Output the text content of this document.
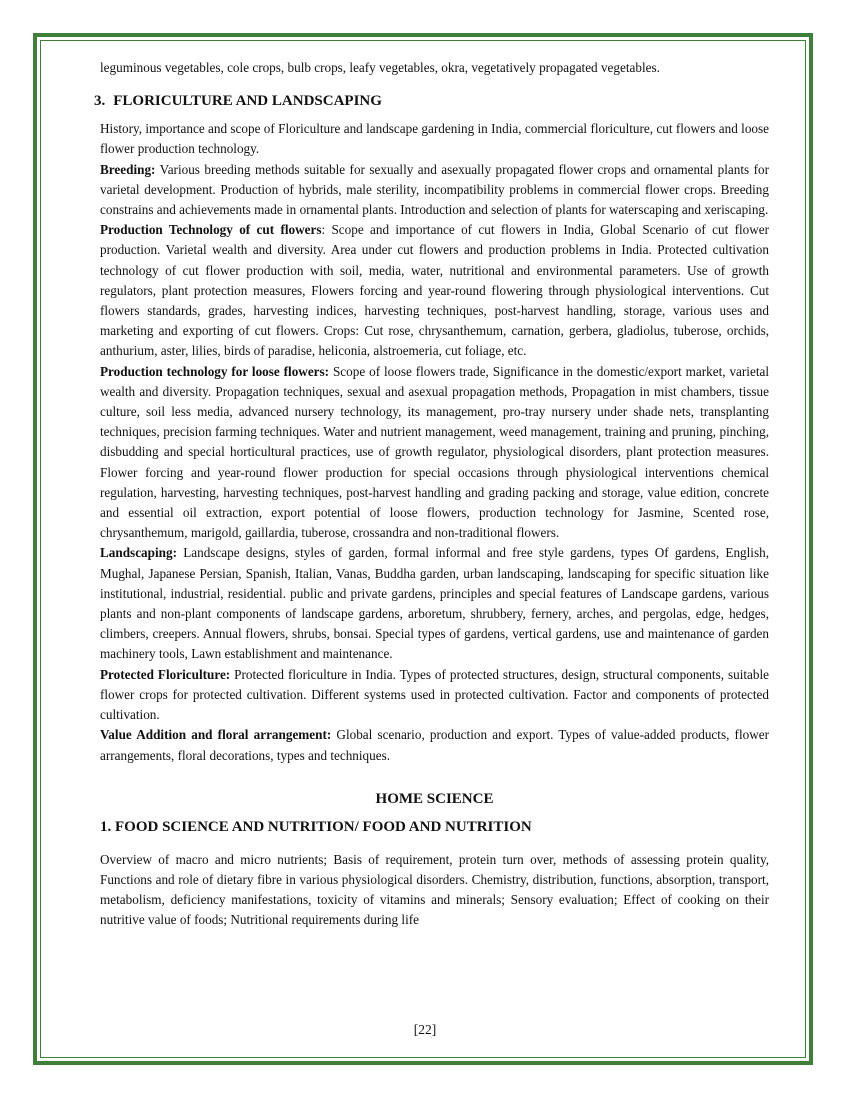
leguminous vegetables, cole crops, bulb crops, leafy vegetables, okra, vegetatively propagated vegetables.

3. FLORICULTURE AND LANDSCAPING

History, importance and scope of Floriculture and landscape gardening in India, commercial floriculture, cut flowers and loose flower production technology.

Breeding: Various breeding methods suitable for sexually and asexually propagated flower crops and ornamental plants for varietal development. Production of hybrids, male sterility, incompatibility problems in commercial flower crops. Breeding constrains and achievements made in ornamental plants. Introduction and selection of plants for waterscaping and xeriscaping.

Production Technology of cut flowers: Scope and importance of cut flowers in India, Global Scenario of cut flower production. Varietal wealth and diversity. Area under cut flowers and production problems in India. Protected cultivation technology of cut flower production with soil, media, water, nutritional and environmental parameters. Use of growth regulators, plant protection measures, Flowers forcing and year-round flowering through physiological interventions. Cut flowers standards, grades, harvesting indices, harvesting techniques, post-harvest handling, storage, various uses and marketing and exporting of cut flowers. Crops: Cut rose, chrysanthemum, carnation, gerbera, gladiolus, tuberose, orchids, anthurium, aster, lilies, birds of paradise, heliconia, alstroemeria, cut foliage, etc.

Production technology for loose flowers: Scope of loose flowers trade, Significance in the domestic/export market, varietal wealth and diversity. Propagation techniques, sexual and asexual propagation methods, Propagation in mist chambers, tissue culture, soil less media, advanced nursery technology, its management, pro-tray nursery under shade nets, transplanting techniques, precision farming techniques. Water and nutrient management, weed management, training and pruning, pinching, disbudding and special horticultural practices, use of growth regulator, physiological disorders, plant protection measures. Flower forcing and year-round flower production for special occasions through physiological interventions chemical regulation, harvesting, harvesting techniques, post-harvest handling and grading packing and storage, value edition, concrete and essential oil extraction, export potential of loose flowers, production technology for Jasmine, Scented rose, chrysanthemum, marigold, gaillardia, tuberose, crossandra and non-traditional flowers.

Landscaping: Landscape designs, styles of garden, formal informal and free style gardens, types Of gardens, English, Mughal, Japanese Persian, Spanish, Italian, Vanas, Buddha garden, urban landscaping, landscaping for specific situation like institutional, industrial, residential. public and private gardens, principles and special features of Landscape gardens, various plants and non-plant components of landscape gardens, arboretum, shrubbery, fernery, arches, and pergolas, edge, hedges, climbers, creepers. Annual flowers, shrubs, bonsai. Special types of gardens, vertical gardens, use and maintenance of garden machinery tools, Lawn establishment and maintenance.

Protected Floriculture: Protected floriculture in India. Types of protected structures, design, structural components, suitable flower crops for protected cultivation. Different systems used in protected cultivation. Factor and components of protected cultivation.

Value Addition and floral arrangement: Global scenario, production and export. Types of value-added products, flower arrangements, floral decorations, types and techniques.

HOME SCIENCE
1. FOOD SCIENCE AND NUTRITION/ FOOD AND NUTRITION

Overview of macro and micro nutrients; Basis of requirement, protein turn over, methods of assessing protein quality, Functions and role of dietary fibre in various physiological disorders. Chemistry, distribution, functions, absorption, transport, metabolism, deficiency manifestations, toxicity of vitamins and minerals; Sensory evaluation; Effect of cooking on their nutritive value of foods; Nutritional requirements during life

[22]
